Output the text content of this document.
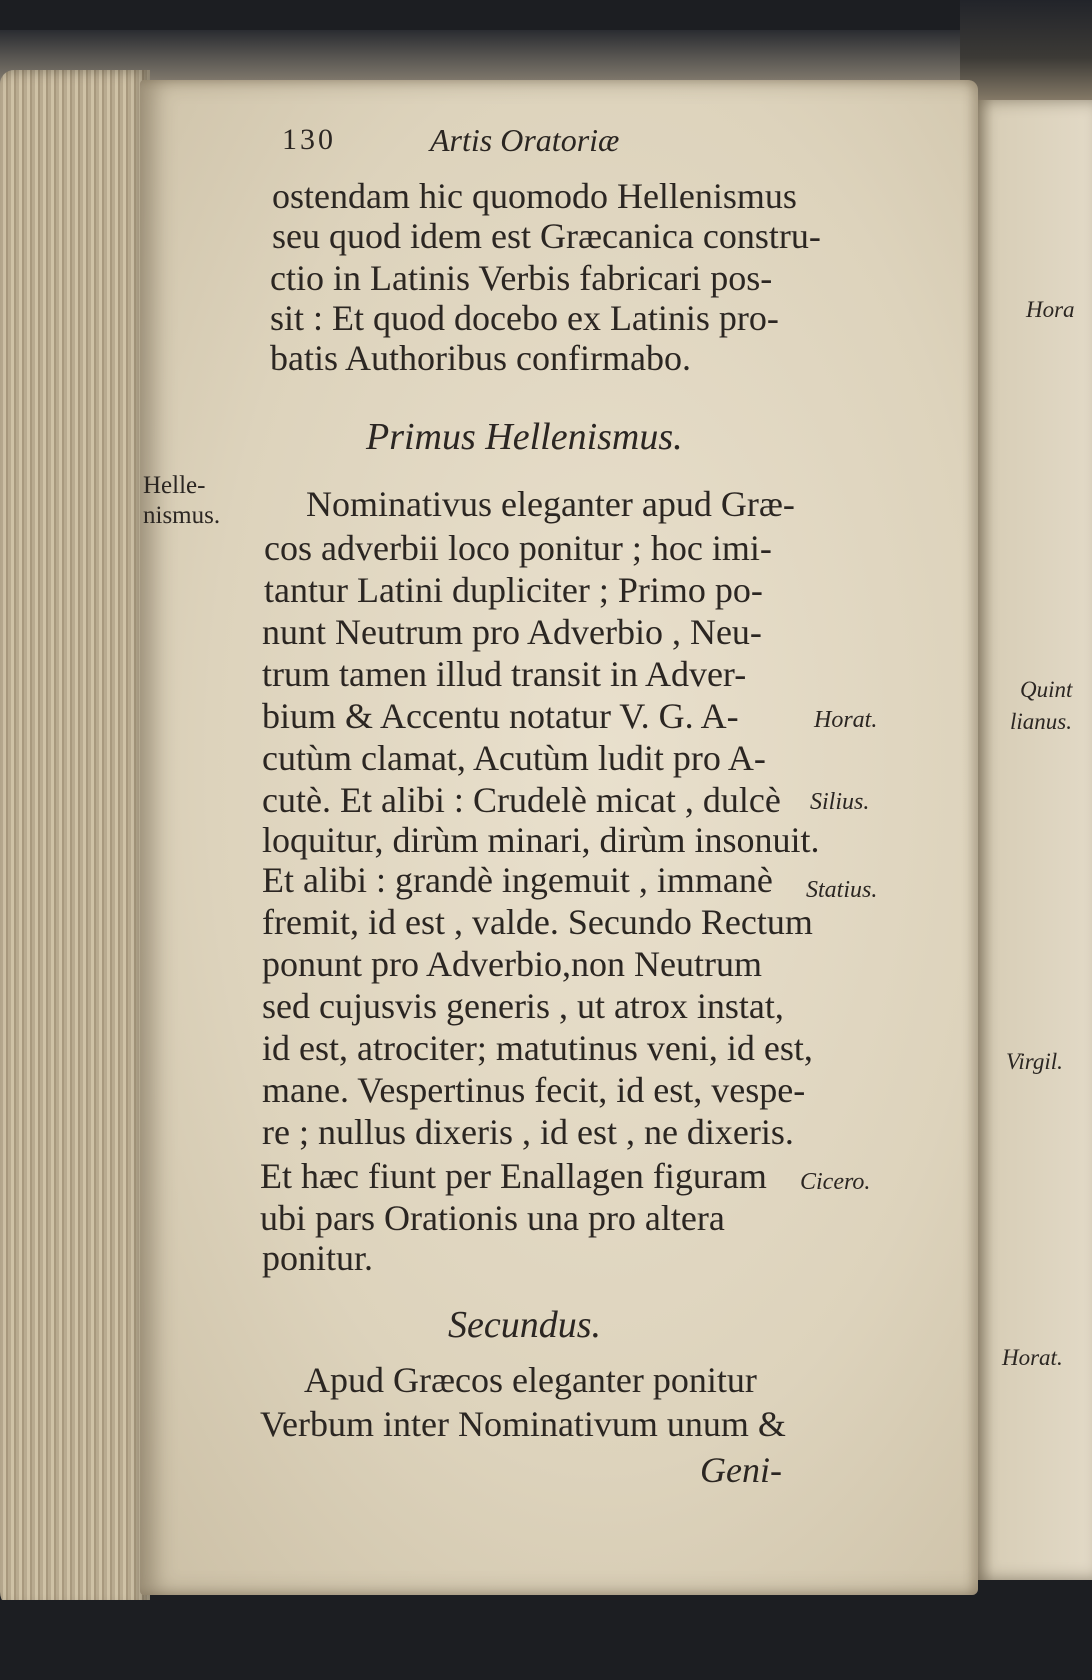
130	Artis Oratoriæ
ostendam hic quomodo Hellenismus
seu quod idem est Græcanica constru-
ctio in Latinis Verbis fabricari pos-
sit : Et quod docebo ex Latinis pro-
batis Authoribus confirmabo.
Primus Hellenismus.
Helle-
nismus. Nominativus eleganter apud Græ-
cos adverbii loco ponitur ; hoc imi-
tantur Latini dupliciter ; Primo po-
nunt Neutrum pro Adverbio , Neu-
trum tamen illud transit in Adver-
bium & Accentu notatur V. G. A-
cutùm clamat, Acutùm ludit pro A-
cutè. Et alibi : Crudelè micat , dulcè
loquitur, dirùm minari, dirùm insonuit.
Et alibi : grandè ingemuit , immanè
fremit, id est , valde. Secundo Rectum
ponunt pro Adverbio,non Neutrum
sed cujusvis generis , ut atrox instat,
id est, atrociter; matutinus veni, id est,
mane. Vespertinus fecit, id est, vespe-
re ; nullus dixeris , id est , ne dixeris.
Et hæc fiunt per Enallagen figuram
ubi pars Orationis una pro altera
ponitur.
Horat.
Silius.
Statius.
Cicero.
Secundus.
Apud Græcos eleganter ponitur
Verbum inter Nominativum unum &
Geni-
Hora
Quint
lianus.
Virgil.
Horat.
